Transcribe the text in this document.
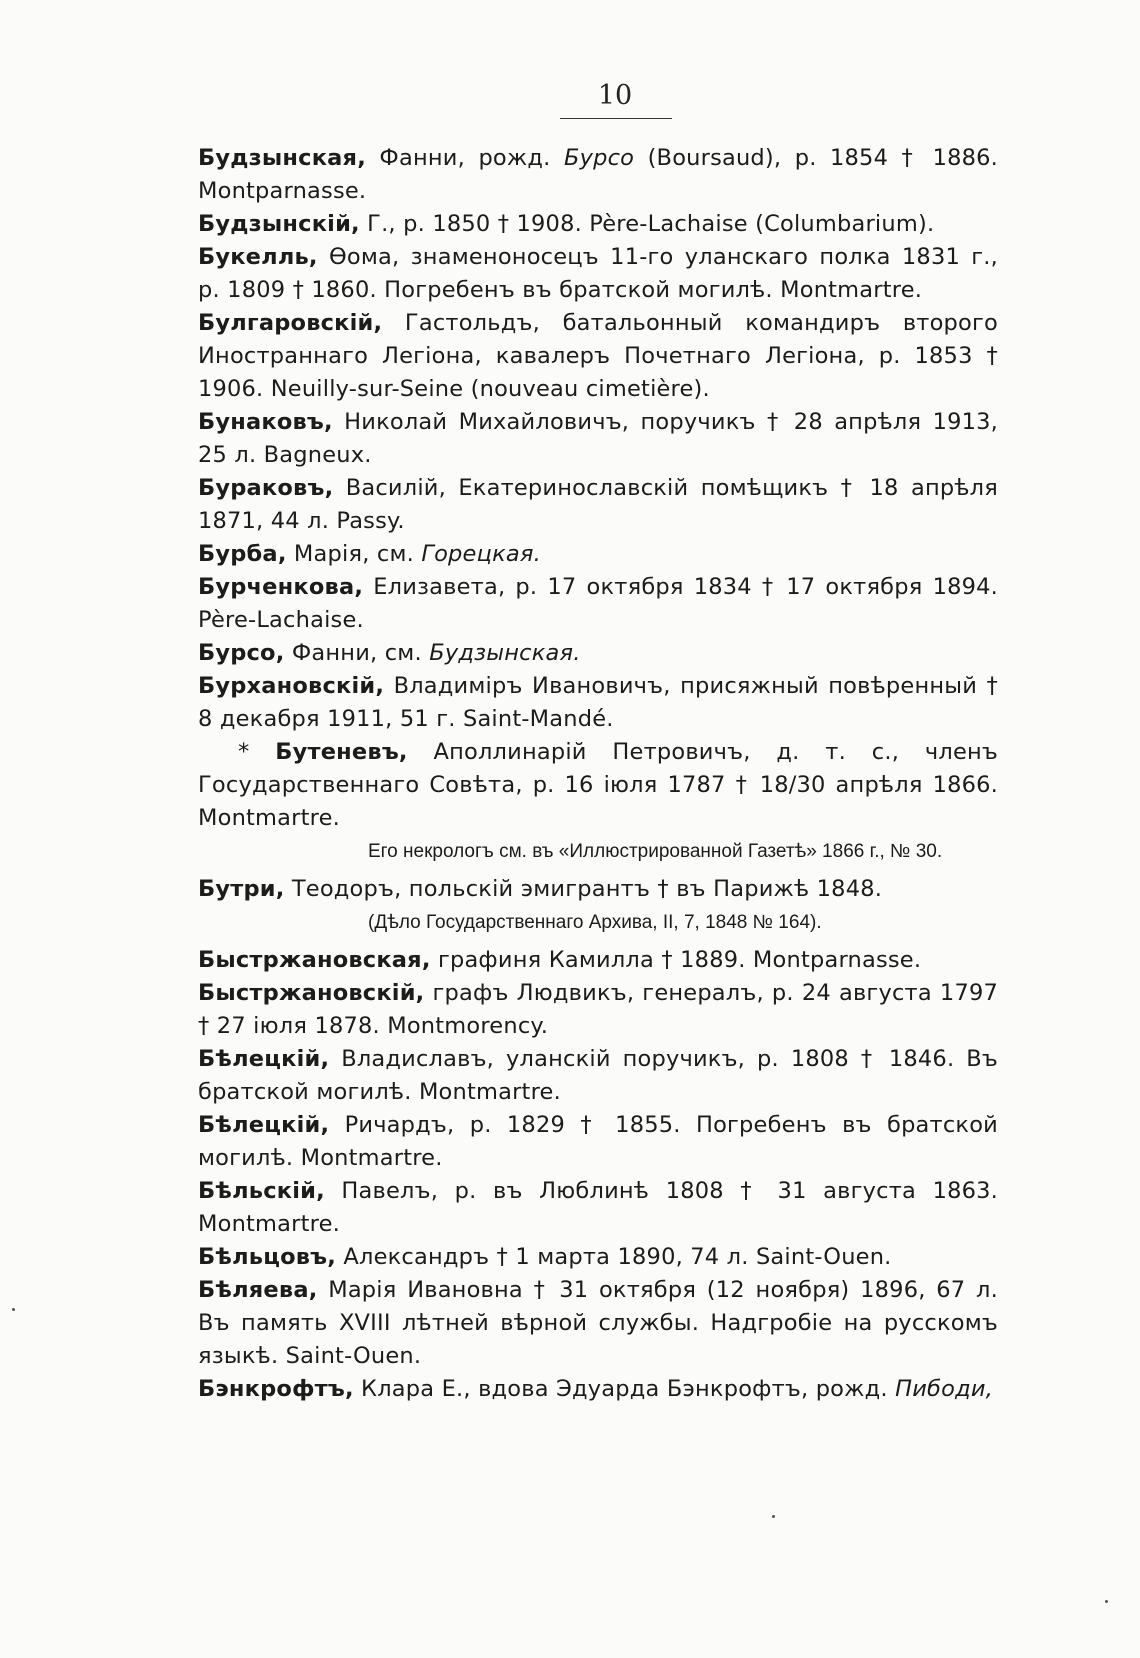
10

Будзынская, Фанни, рожд. Бурсо (Boursaud), р. 1854 † 1886. Montparnasse.

Будзынскій, Г., р. 1850 † 1908. Père-Lachaise (Columbarium).

Букелль, Ѳома, знаменоносецъ 11-го уланскаго полка 1831 г., р. 1809 † 1860. Погребенъ въ братской могилѣ. Montmartre.

Булгаровскій, Гастольдъ, батальонный командиръ второго Иностраннаго Легіона, кавалеръ Почетнаго Легіона, р. 1853 † 1906. Neuilly-sur-Seine (nouveau cimetière).

Бунаковъ, Николай Михайловичъ, поручикъ † 28 апрѣля 1913, 25 л. Bagneux.

Бураковъ, Василій, Екатеринославскій помѣщикъ † 18 апрѣля 1871, 44 л. Passy.

Бурба, Марія, см. Горецкая.

Бурченкова, Елизавета, р. 17 октября 1834 † 17 октября 1894. Père-Lachaise.

Бурсо, Фанни, см. Будзынская.

Бурхановскій, Владиміръ Ивановичъ, присяжный повѣренный † 8 декабря 1911, 51 г. Saint-Mandé.

* Бутеневъ, Аполлинарій Петровичъ, д. т. с., членъ Государственнаго Совѣта, р. 16 іюля 1787 † 18/30 апрѣля 1866. Montmartre.

Его некрологъ см. въ «Иллюстрированной Газетѣ» 1866 г., № 30.

Бутри, Теодоръ, польскій эмигрантъ † въ Парижѣ 1848.

(Дѣло Государственнаго Архива, II, 7, 1848 № 164).

Быстржановская, графиня Камилла † 1889. Montparnasse.

Быстржановскій, графъ Людвикъ, генералъ, р. 24 августа 1797 † 27 іюля 1878. Montmorency.

Бѣлецкій, Владиславъ, уланскій поручикъ, р. 1808 † 1846. Въ братской могилѣ. Montmartre.

Бѣлецкій, Ричардъ, р. 1829 † 1855. Погребенъ въ братской могилѣ. Montmartre.

Бѣльскій, Павелъ, р. въ Люблинѣ 1808 † 31 августа 1863. Montmartre.

Бѣльцовъ, Александръ † 1 марта 1890, 74 л. Saint-Ouen.

Бѣляева, Марія Ивановна † 31 октября (12 ноября) 1896, 67 л. Въ память XVIII лѣтней вѣрной службы. Надгробіе на русскомъ языкѣ. Saint-Ouen.

Бэнкрофтъ, Клара Е., вдова Эдуарда Бэнкрофтъ, рожд. Пибоди,
